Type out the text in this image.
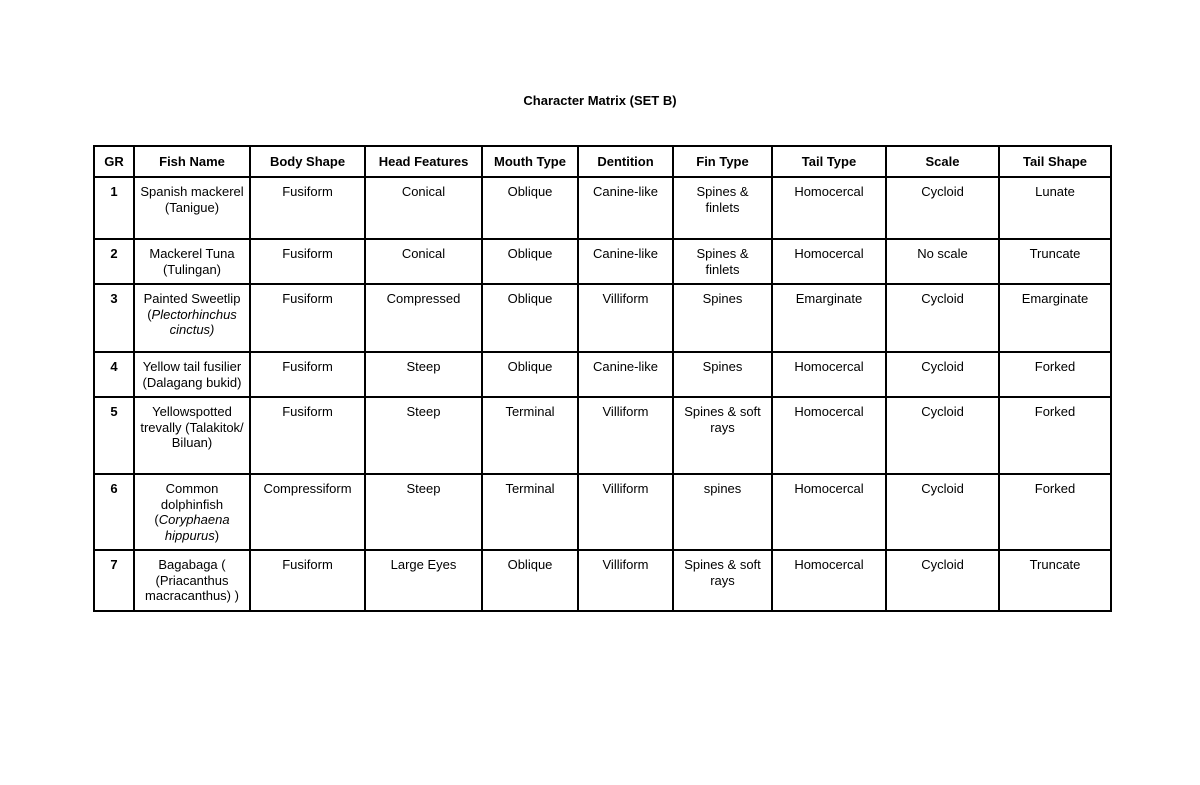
Character Matrix (SET B)
GR	Fish Name	Body Shape	Head Features	Mouth Type	Dentition	Fin Type	Tail Type	Scale	Tail Shape
1	Spanish mackerel (Tanigue)	Fusiform	Conical	Oblique	Canine-like	Spines & finlets	Homocercal	Cycloid	Lunate
2	Mackerel Tuna (Tulingan)	Fusiform	Conical	Oblique	Canine-like	Spines & finlets	Homocercal	No scale	Truncate
3	Painted Sweetlip (Plectorhinchus cinctus)	Fusiform	Compressed	Oblique	Villiform	Spines	Emarginate	Cycloid	Emarginate
4	Yellow tail fusilier (Dalagang bukid)	Fusiform	Steep	Oblique	Canine-like	Spines	Homocercal	Cycloid	Forked
5	Yellowspotted trevally (Talakitok/ Biluan)	Fusiform	Steep	Terminal	Villiform	Spines & soft rays	Homocercal	Cycloid	Forked
6	Common dolphinfish (Coryphaena hippurus)	Compressiform	Steep	Terminal	Villiform	spines	Homocercal	Cycloid	Forked
7	Bagabaga ( (Priacanthus macracanthus) )	Fusiform	Large Eyes	Oblique	Villiform	Spines & soft rays	Homocercal	Cycloid	Truncate
